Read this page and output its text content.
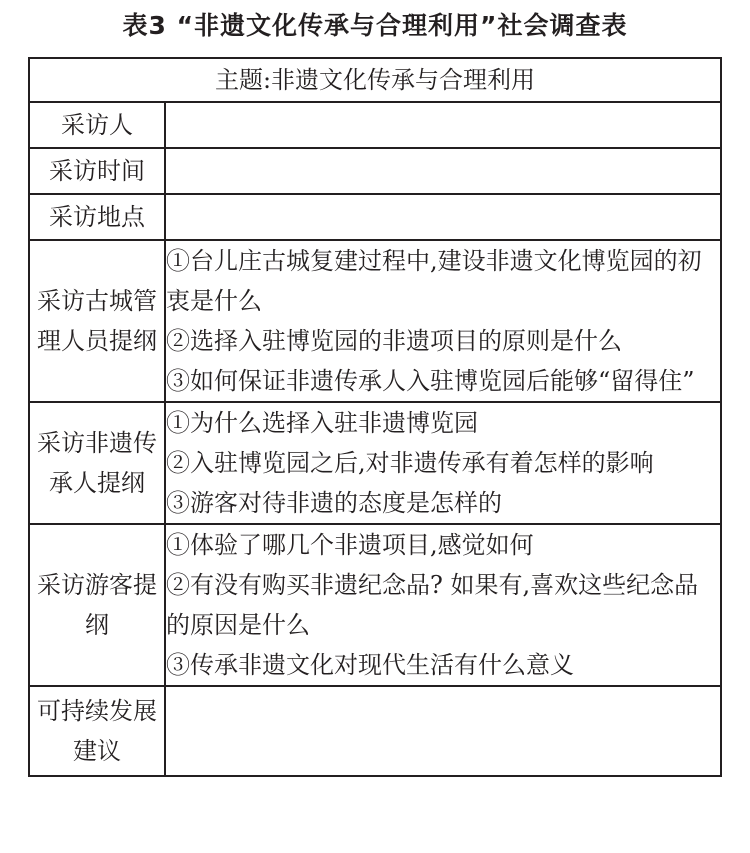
表3 “非遗文化传承与合理利用”社会调查表
主题:非遗文化传承与合理利用	
采访人	
采访时间	
采访地点	
采访古城管理人员提纲	①台儿庄古城复建过程中,建设非遗文化博览园的初衷是什么
②选择入驻博览园的非遗项目的原则是什么
③如何保证非遗传承人入驻博览园后能够“留得住”

采访非遗传承人提纲	①为什么选择入驻非遗博览园
②入驻博览园之后,对非遗传承有着怎样的影响
③游客对待非遗的态度是怎样的

采访游客提纲	①体验了哪几个非遗项目,感觉如何
②有没有购买非遗纪念品? 如果有,喜欢这些纪念品的原因是什么
③传承非遗文化对现代生活有什么意义

可持续发展建议	
